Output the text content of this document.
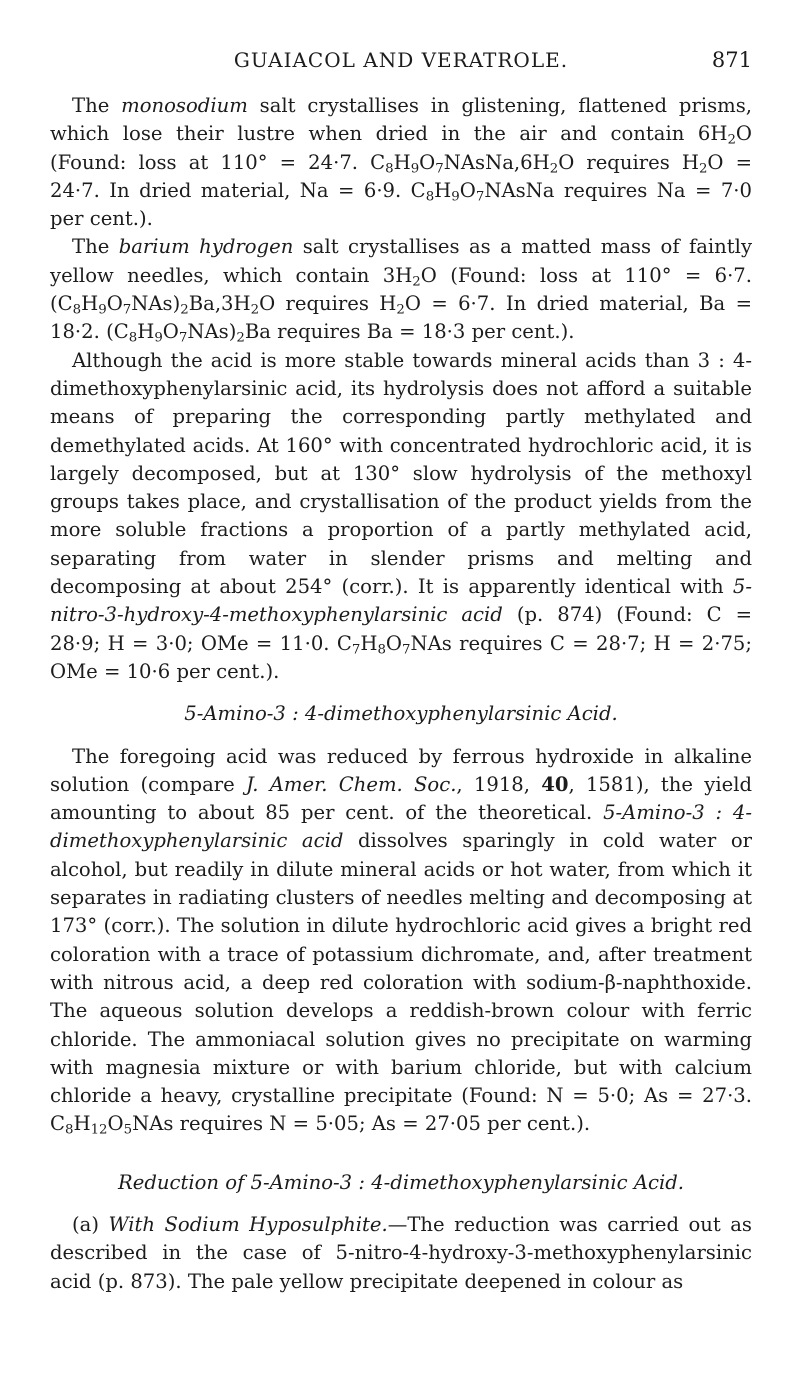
GUAIACOL AND VERATROLE.	871

The monosodium salt crystallises in glistening, flattened prisms, which lose their lustre when dried in the air and contain $6H_2O$ (Found: loss at 110° = 24·7. $C_8H_9O_7NAsNa,6H_2O$ requires $H_2O = 24\cdot 7$. In dried material, Na = 6·9. $C_8H_9O_7NAsNa$ requires Na = 7·0 per cent.).

The barium hydrogen salt crystallises as a matted mass of faintly yellow needles, which contain $3H_2O$ (Found: loss at 110° = 6·7. $(C_8H_9O_7NAs)_2Ba,3H_2O$ requires $H_2O = 6\cdot 7$. In dried material, Ba = 18·2. $(C_8H_9O_7NAs)_2Ba$ requires Ba = 18·3 per cent.).

Although the acid is more stable towards mineral acids than 3 : 4-dimethoxyphenylarsinic acid, its hydrolysis does not afford a suitable means of preparing the corresponding partly methylated and demethylated acids. At 160° with concentrated hydrochloric acid, it is largely decomposed, but at 130° slow hydrolysis of the methoxyl groups takes place, and crystallisation of the product yields from the more soluble fractions a proportion of a partly methylated acid, separating from water in slender prisms and melting and decomposing at about 254° (corr.). It is apparently identical with 5-nitro-3-hydroxy-4-methoxyphenylarsinic acid (p. 874) (Found: C = 28·9; H = 3·0; OMe = 11·0. $C_7H_8O_7NAs$ requires C = 28·7; H = 2·75; OMe = 10·6 per cent.).

5-Amino-3 : 4-dimethoxyphenylarsinic Acid.

The foregoing acid was reduced by ferrous hydroxide in alkaline solution (compare J. Amer. Chem. Soc., 1918, 40, 1581), the yield amounting to about 85 per cent. of the theoretical. 5-Amino-3 : 4-dimethoxyphenylarsinic acid dissolves sparingly in cold water or alcohol, but readily in dilute mineral acids or hot water, from which it separates in radiating clusters of needles melting and decomposing at 173° (corr.). The solution in dilute hydrochloric acid gives a bright red coloration with a trace of potassium dichromate, and, after treatment with nitrous acid, a deep red coloration with sodium-β-naphthoxide. The aqueous solution develops a reddish-brown colour with ferric chloride. The ammoniacal solution gives no precipitate on warming with magnesia mixture or with barium chloride, but with calcium chloride a heavy, crystalline precipitate (Found: N = 5·0; As = 27·3. $C_8H_{12}O_5NAs$ requires N = 5·05; As = 27·05 per cent.).

Reduction of 5-Amino-3 : 4-dimethoxyphenylarsinic Acid.

(a) With Sodium Hyposulphite.—The reduction was carried out as described in the case of 5-nitro-4-hydroxy-3-methoxyphenylarsinic acid (p. 873). The pale yellow precipitate deepened in colour as
